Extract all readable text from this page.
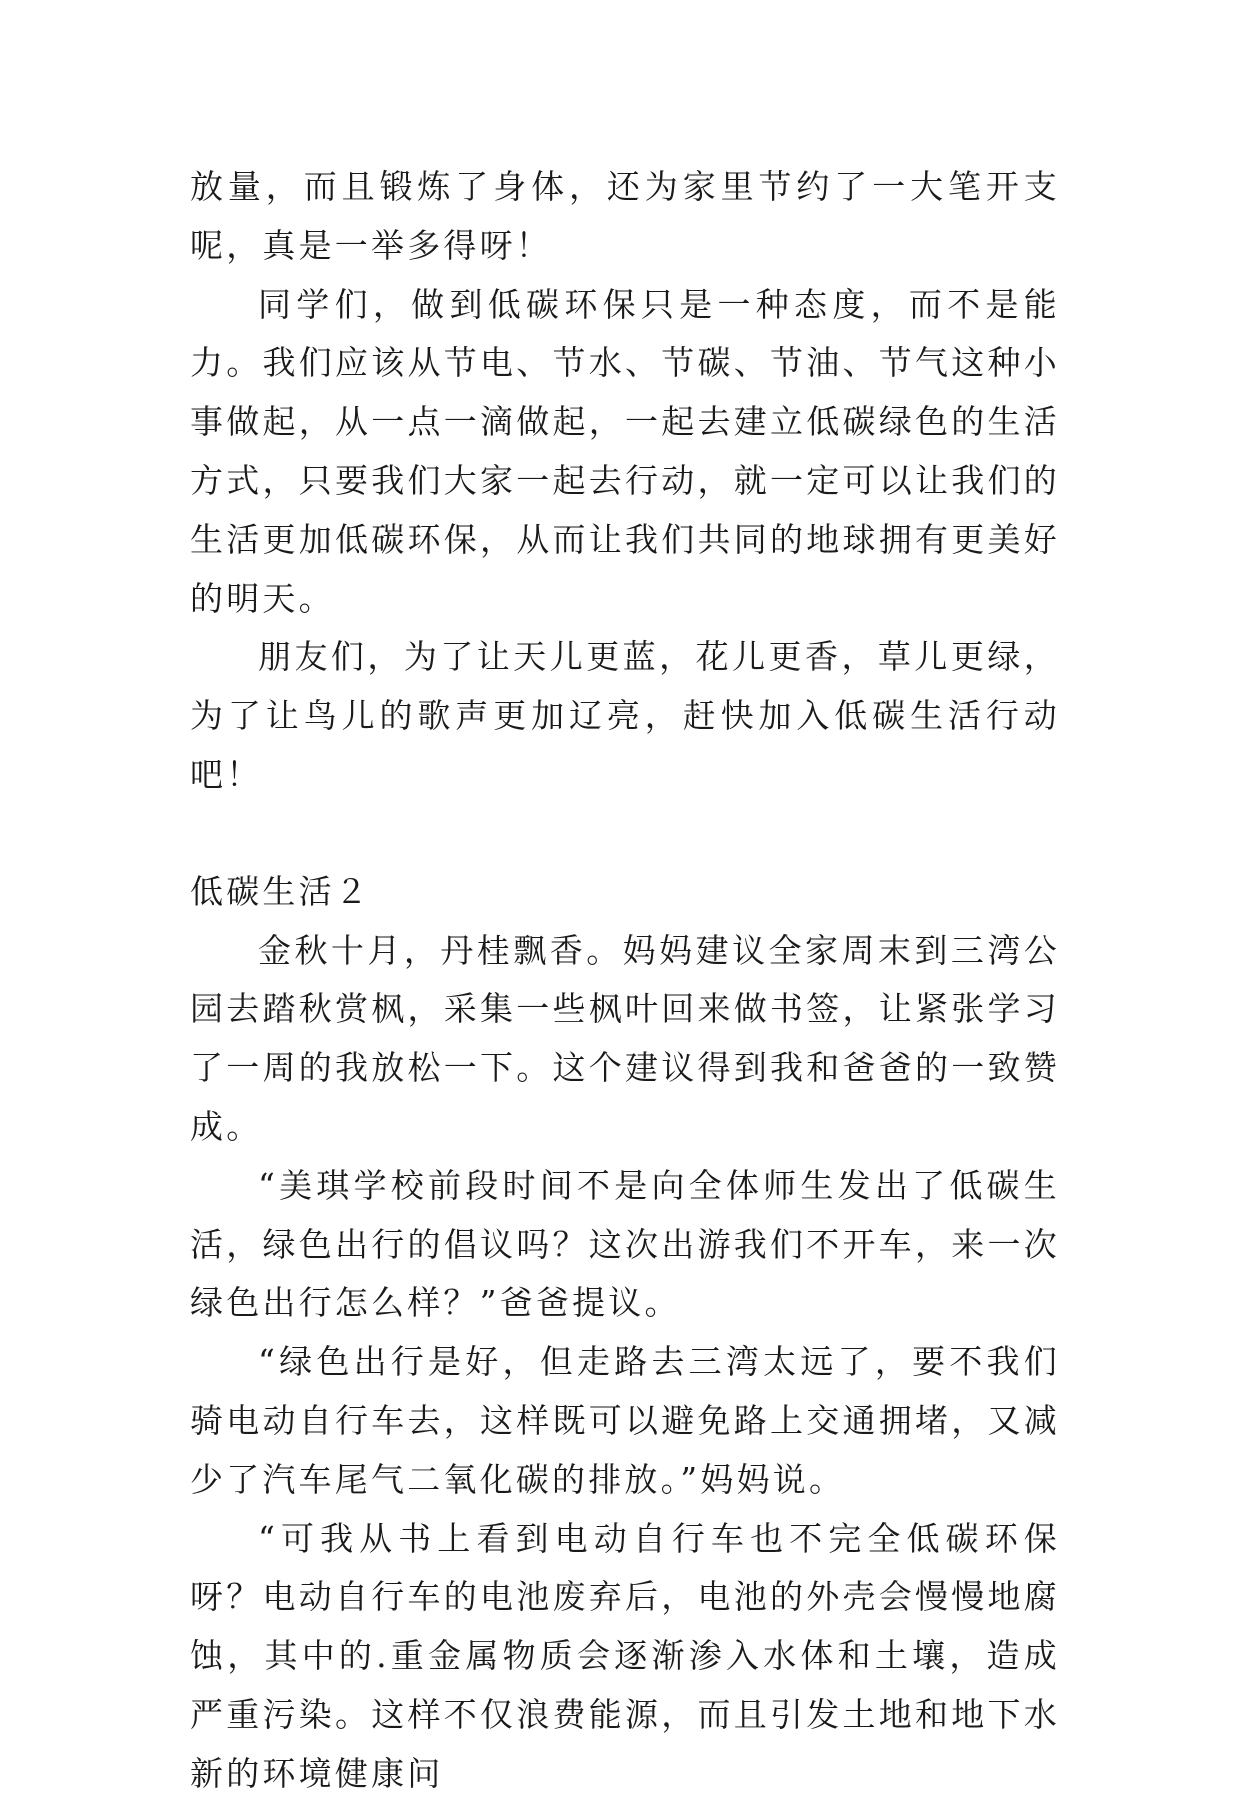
放量，而且锻炼了身体，还为家里节约了一大笔开支呢，真是一举多得呀！

同学们，做到低碳环保只是一种态度，而不是能力。我们应该从节电、节水、节碳、节油、节气这种小事做起，从一点一滴做起，一起去建立低碳绿色的生活方式，只要我们大家一起去行动，就一定可以让我们的生活更加低碳环保，从而让我们共同的地球拥有更美好的明天。

朋友们，为了让天儿更蓝，花儿更香，草儿更绿，为了让鸟儿的歌声更加辽亮，赶快加入低碳生活行动吧！

低碳生活２

金秋十月，丹桂飘香。妈妈建议全家周末到三湾公园去踏秋赏枫，采集一些枫叶回来做书签，让紧张学习了一周的我放松一下。这个建议得到我和爸爸的一致赞成。

“美琪学校前段时间不是向全体师生发出了低碳生活，绿色出行的倡议吗？这次出游我们不开车，来一次绿色出行怎么样？”爸爸提议。

“绿色出行是好，但走路去三湾太远了，要不我们骑电动自行车去，这样既可以避免路上交通拥堵，又减少了汽车尾气二氧化碳的排放。”妈妈说。

“可我从书上看到电动自行车也不完全低碳环保呀？电动自行车的电池废弃后，电池的外壳会慢慢地腐蚀，其中的.重金属物质会逐渐渗入水体和土壤，造成严重污染。这样不仅浪费能源，而且引发土地和地下水新的环境健康问
